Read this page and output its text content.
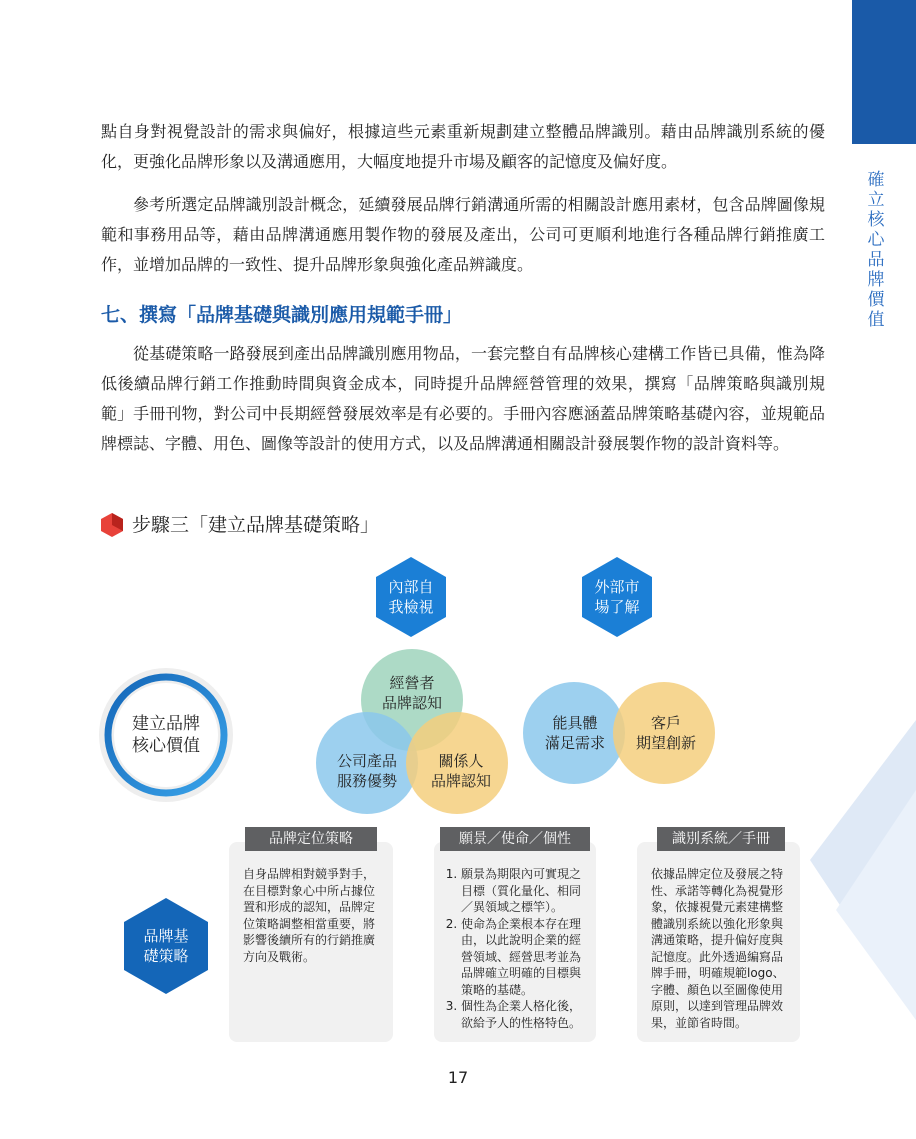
確
立
核
心
品
牌
價
值

點自身對視覺設計的需求與偏好，根據這些元素重新規劃建立整體品牌識別。藉由品牌識別系統的優化，更強化品牌形象以及溝通應用，大幅度地提升市場及顧客的記憶度及偏好度。

參考所選定品牌識別設計概念，延續發展品牌行銷溝通所需的相關設計應用素材，包含品牌圖像規範和事務用品等，藉由品牌溝通應用製作物的發展及產出，公司可更順利地進行各種品牌行銷推廣工作，並增加品牌的一致性、提升品牌形象與強化產品辨識度。

七、撰寫「品牌基礎與識別應用規範手冊」

從基礎策略一路發展到產出品牌識別應用物品，一套完整自有品牌核心建構工作皆已具備，惟為降低後續品牌行銷工作推動時間與資金成本，同時提升品牌經營管理的效果，撰寫「品牌策略與識別規範」手冊刊物，對公司中長期經營發展效率是有必要的。手冊內容應涵蓋品牌策略基礎內容，並規範品牌標誌、字體、用色、圖像等設計的使用方式，以及品牌溝通相關設計發展製作物的設計資料等。

步驟三「建立品牌基礎策略」
建立品牌
核心價值
內部自
我檢視
外部市
場了解
經營者
品牌認知
公司產品
服務優勢
關係人
品牌認知
能具體
滿足需求
客戶
期望創新
品牌基
礎策略
自身品牌相對競爭對手，在目標對象心中所占據位置和形成的認知，品牌定位策略調整相當重要，將影響後續所有的行銷推廣方向及戰術。
品牌定位策略
1. 願景為期限內可實現之目標（質化量化、相同／異領域之標竿）。
2. 使命為企業根本存在理由，以此說明企業的經營領域、經營思考並為品牌確立明確的目標與策略的基礎。
3. 個性為企業人格化後，欲給予人的性格特色。
願景／使命／個性
依據品牌定位及發展之特性、承諾等轉化為視覺形象，依據視覺元素建構整體識別系統以強化形象與溝通策略，提升偏好度與記憶度。此外透過編寫品牌手冊，明確規範logo、字體、顏色以至圖像使用原則，以達到管理品牌效果，並節省時間。
識別系統／手冊
17
